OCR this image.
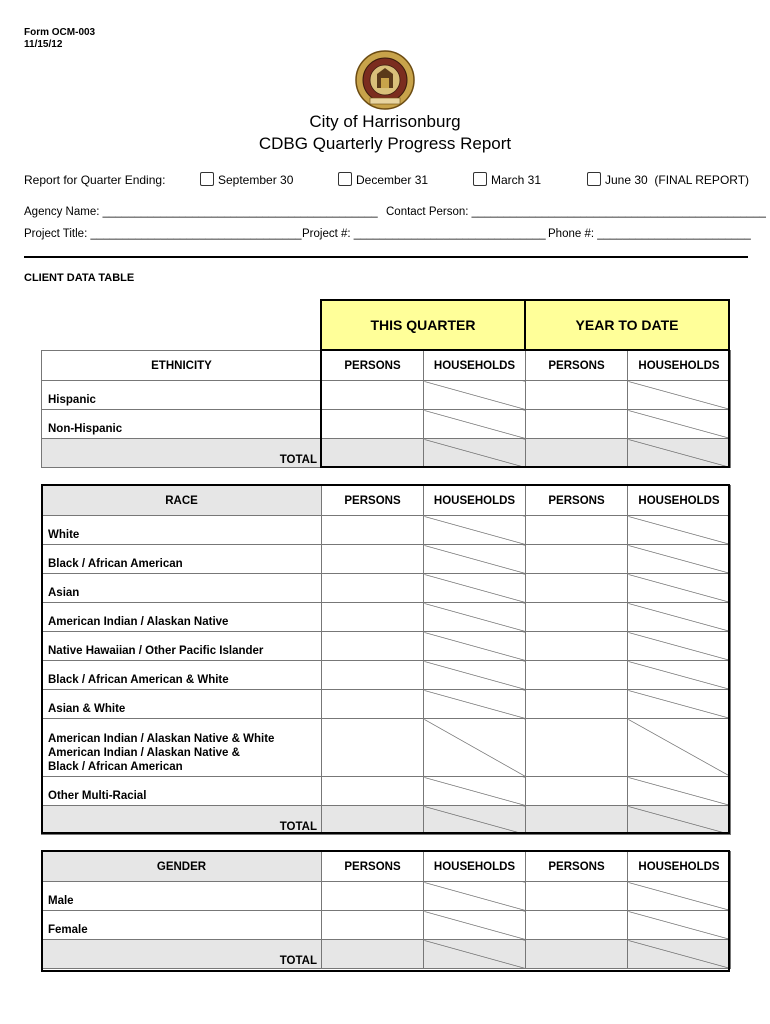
Form OCM-003
11/15/12
City of Harrisonburg
CDBG Quarterly Progress Report
Report for Quarter Ending:	September 30	December 31	March 31	June 30  (FINAL REPORT)
Agency Name: ___________________________________________ Contact Person: ______________________________________________
Project Title: _________________________________ Project #: ______________________________ Phone #: ________________________
CLIENT DATA TABLE
THIS QUARTER	YEAR TO DATE
ETHNICITY	PERSONS	HOUSEHOLDS	PERSONS	HOUSEHOLDS
Hispanic				
Non-Hispanic				
TOTAL				
RACE	PERSONS	HOUSEHOLDS	PERSONS	HOUSEHOLDS
White				
Black / African American				
Asian				
American Indian / Alaskan Native				
Native Hawaiian / Other Pacific Islander				
Black / African American & White				
Asian & White				

American Indian / Alaskan Native & White
American Indian / Alaskan Native & Black / African American				

Other Multi-Racial				
TOTAL				
GENDER	PERSONS	HOUSEHOLDS	PERSONS	HOUSEHOLDS
Male				
Female				
TOTAL				
